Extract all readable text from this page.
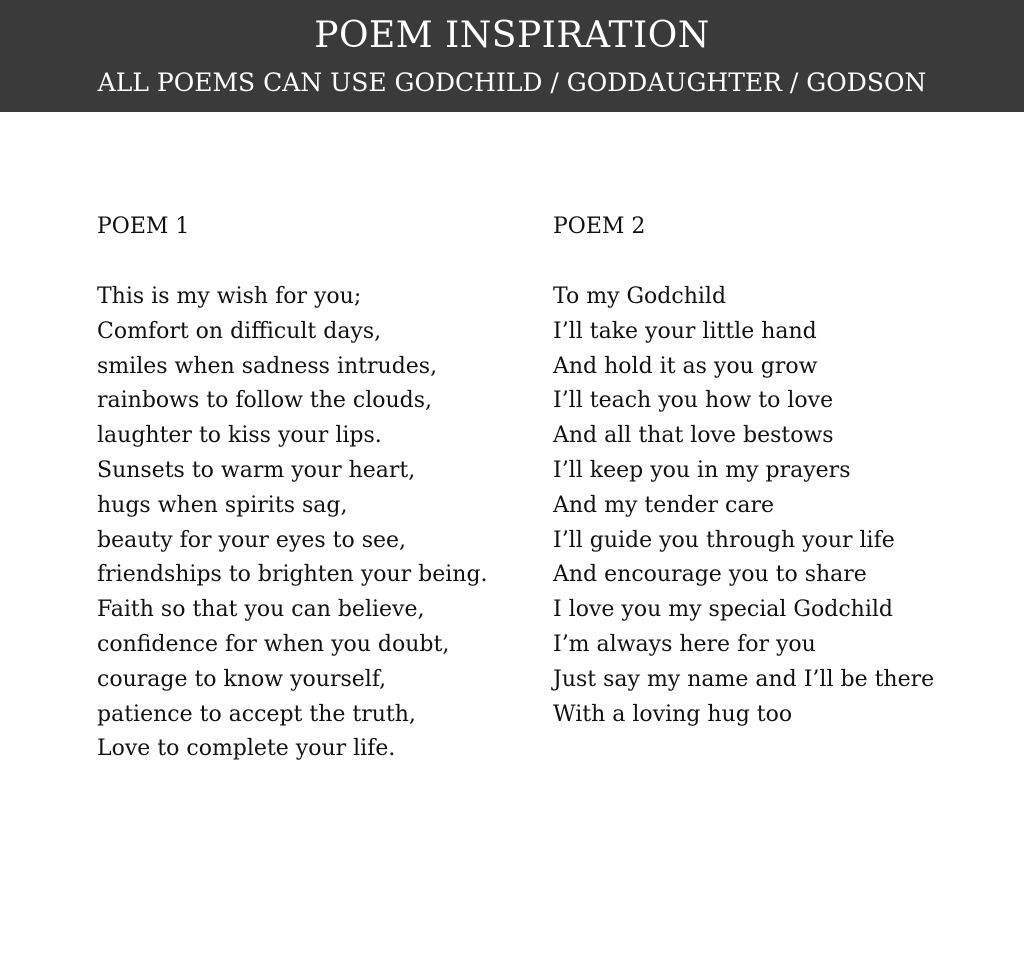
POEM INSPIRATION
ALL POEMS CAN USE GODCHILD / GODDAUGHTER / GODSON
POEM 1
This is my wish for you;
Comfort on difficult days,
smiles when sadness intrudes,
rainbows to follow the clouds,
laughter to kiss your lips.
Sunsets to warm your heart,
hugs when spirits sag,
beauty for your eyes to see,
friendships to brighten your being.
Faith so that you can believe,
confidence for when you doubt,
courage to know yourself,
patience to accept the truth,
Love to complete your life.
POEM 2
To my Godchild
I’ll take your little hand
And hold it as you grow
I’ll teach you how to love
And all that love bestows
I’ll keep you in my prayers
And my tender care
I’ll guide you through your life
And encourage you to share
I love you my special Godchild
I’m always here for you
Just say my name and I’ll be there
With a loving hug too
